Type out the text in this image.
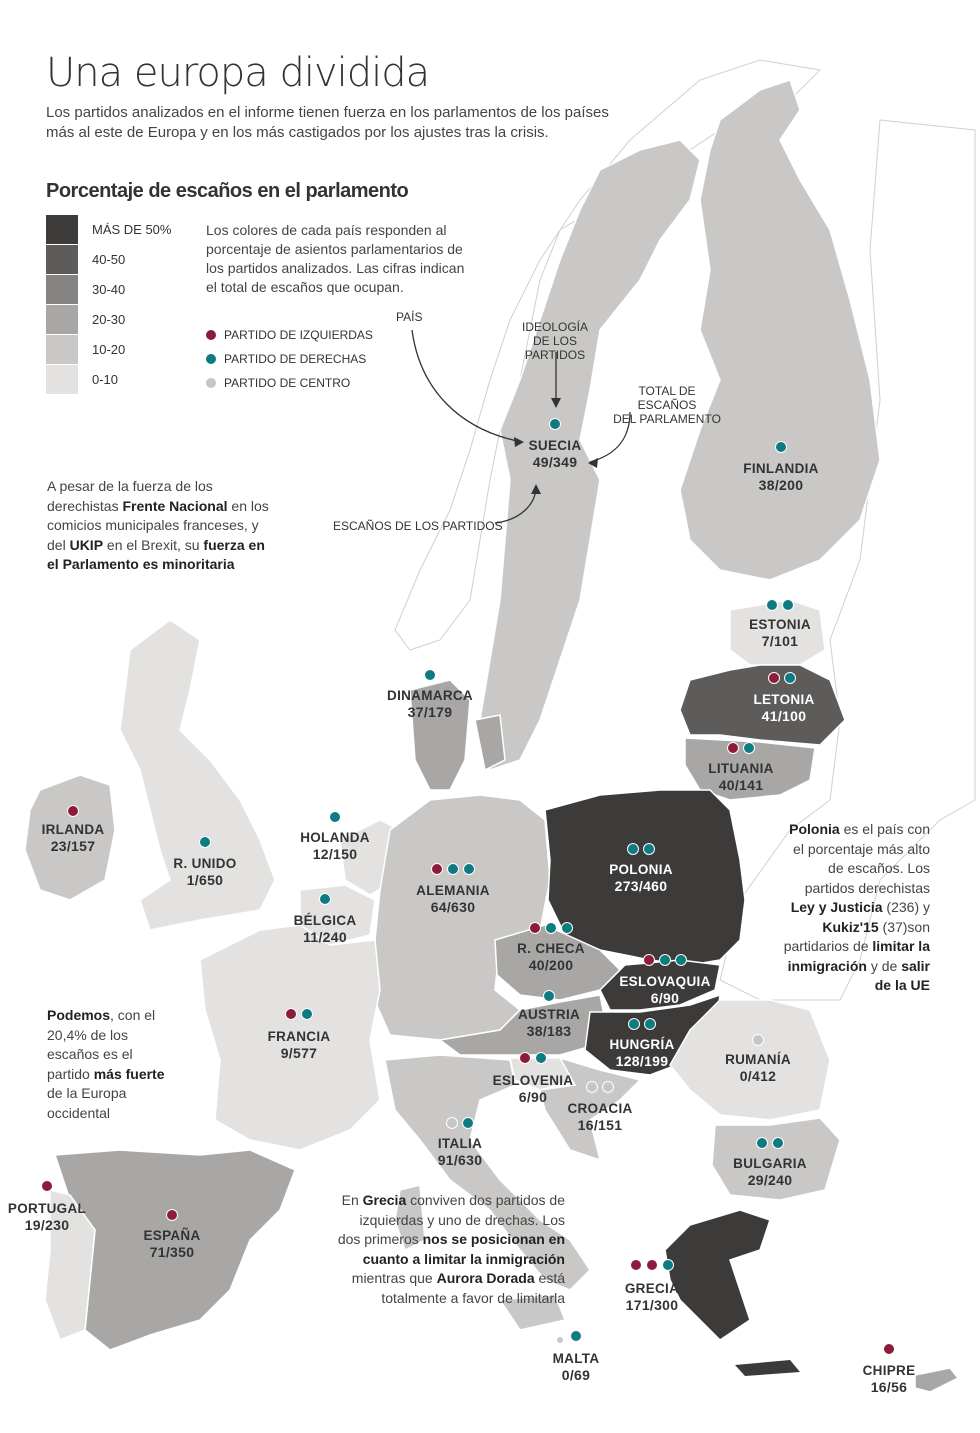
Una europa dividida
Los partidos analizados en el informe tienen fuerza en los parlamentos de los países más al este de Europa y en los más castigados por los ajustes tras la crisis.
Porcentaje de escaños en el parlamento
MÁS DE 50%
40-50
30-40
20-30
10-20
0-10
Los colores de cada país responden al porcentaje de asientos parlamentarios de los partidos analizados. Las cifras indican el total de escaños que ocupan.
PARTIDO DE IZQUIERDAS
PARTIDO DE DERECHAS
PARTIDO DE CENTRO
PAÍS
IDEOLOGÍA
DE LOS PARTIDOS
TOTAL DE ESCAÑOS
DEL PARLAMENTO
ESCAÑOS DE LOS PARTIDOS
A pesar de la fuerza de los derechistas Frente Nacional en los comicios municipales franceses, y del UKIP en el Brexit, su fuerza en el Parlamento es minoritaria
Podemos, con el 20,4% de los escaños es el partido más fuerte de la Europa occidental
Polonia es el país con el porcentaje más alto de escaños. Los partidos derechistas Ley y Justicia (236) y Kukiz'15 (37)son partidarios de limitar la inmigración y de salir de la UE
En Grecia conviven dos partidos de izquierdas y uno de drechas. Los dos primeros nos se posicionan en cuanto a limitar la inmigración mientras que Aurora Dorada está totalmente a favor de limitarla
SUECIA
49/349	FINLANDIA
38/200
ESTONIA
7/101
LETONIA
41/100
LITUANIA
40/141
DINAMARCA
37/179
IRLANDA
23/157
R. UNIDO
1/650
HOLANDA
12/150
BÉLGICA
11/240
ALEMANIA
64/630
POLONIA
273/460
R. CHECA
40/200
ESLOVAQUIA
6/90
AUSTRIA
38/183
HUNGRÍA
128/199
FRANCIA
9/577
ESLOVENIA
6/90
CROACIA
16/151
RUMANÍA
0/412
ITALIA
91/630	BULGARIA
29/240
PORTUGAL
19/230
ESPAÑA
71/350
GRECIA
171/300
MALTA
0/69	CHIPRE
16/56
